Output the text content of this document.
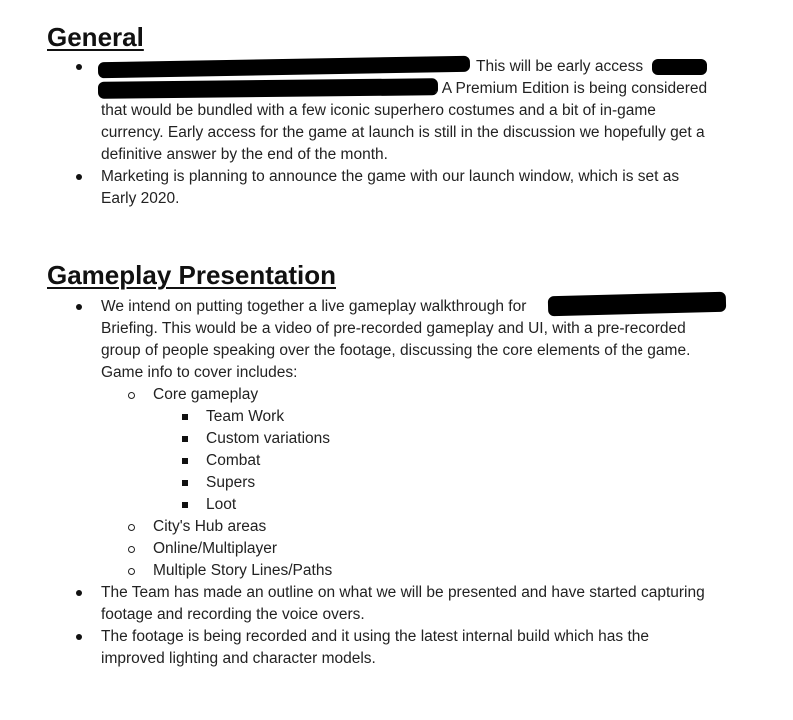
General
This will be early access
. A Premium Edition is being considered
that would be bundled with a few iconic superhero costumes and a bit of in-game
currency. Early access for the game at launch is still in the discussion we hopefully get a
definitive answer by the end of the month.
Marketing is planning to announce the game with our launch window, which is set as
Early 2020.
Gameplay Presentation
We intend on putting together a live gameplay walkthrough for
Briefing. This would be a video of pre-recorded gameplay and UI, with a pre-recorded
group of people speaking over the footage, discussing the core elements of the game.
Game info to cover includes:
Core gameplay
Team Work
Custom variations
Combat
Supers
Loot
City's Hub areas
Online/Multiplayer
Multiple Story Lines/Paths
The Team has made an outline on what we will be presented and have started capturing
footage and recording the voice overs.
The footage is being recorded and it using the latest internal build which has the
improved lighting and character models.
